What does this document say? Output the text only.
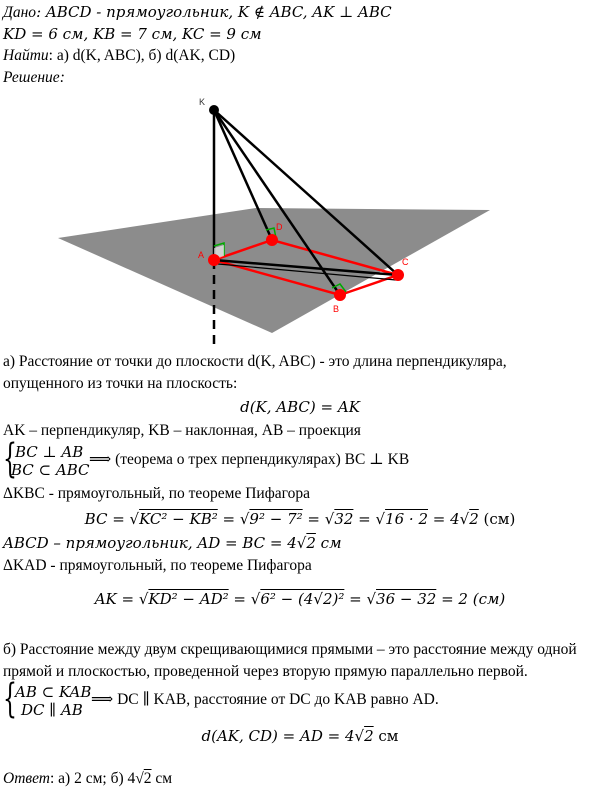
Дано: ABCD - прямоугольник, K ∉ ABC, AK ⊥ ABC
KD = 6 см, KB = 7 см, KC = 9 см
Найти: а) d(K, ABC), б) d(AK, CD)
Решение:
K
A
D
C
B
а) Расстояние от точки до плоскости d(K, ABC) - это длина перпендикуляра,
опущенного из точки на плоскость:
d(K, ABC) = AK
AK – перпендикуляр, KB – наклонная, AB – проекция
{
BC ⊥ AB
BC ⊂ ABC
⟹ (теорема о трех перпендикулярах) BC ⊥ KB
ΔKBC - прямоугольный, по теореме Пифагора
BC = √KC² − KB² = √9² − 7² = √32 = √16 · 2 = 4√2 (см)
ABCD – прямоугольник, AD = BC = 4√2 см
ΔKAD - прямоугольный, по теореме Пифагора
AK = √KD² − AD² = √6² − (4√2)² = √36 − 32 = 2 (см)
б) Расстояние между двум скрещивающимися прямыми – это расстояние между одной
прямой и плоскостью, проведенной через вторую прямую параллельно первой.
{
AB ⊂ KAB
DC ∥ AB
⟹ DC ∥ KAB, расстояние от DC до KAB равно AD.
d(AK, CD) = AD = 4√2 см
Ответ: а) 2 см; б) 4√2 см
